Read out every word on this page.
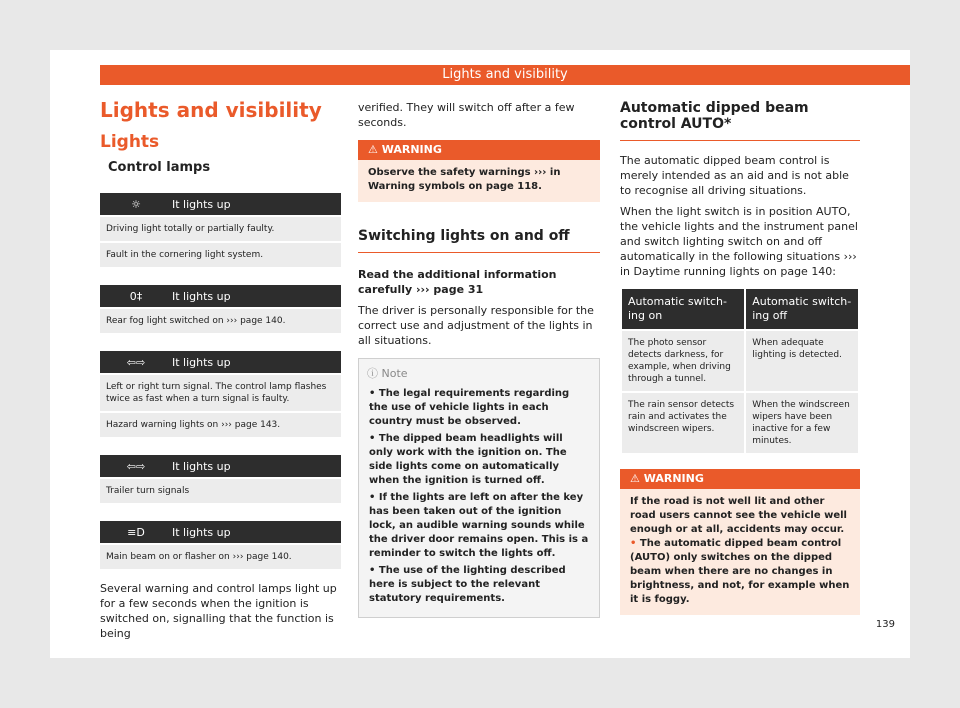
Lights and visibility
Lights and visibility
Lights
Control lamps
☼	It lights up
Driving light totally or partially faulty.
Fault in the cornering light system.
0‡	It lights up
Rear fog light switched on ››› page 140.
⇦⇨	It lights up
Left or right turn signal. The control lamp flashes twice as fast when a turn signal is faulty.
Hazard warning lights on ››› page 143.
⇦⇨	It lights up
Trailer turn signals
≡D	It lights up
Main beam on or flasher on ››› page 140.

Several warning and control lamps light up for a few seconds when the ignition is switched on, signalling that the function is being

verified. They will switch off after a few seconds.

⚠ WARNING
Observe the safety warnings ››› in Warning symbols on page 118.
Switching lights on and off

Read the additional information carefully ››› page 31

The driver is personally responsible for the correct use and adjustment of the lights in all situations.

ⓘ Note

• The legal requirements regarding the use of vehicle lights in each country must be observed.

• The dipped beam headlights will only work with the ignition on. The side lights come on automatically when the ignition is turned off.

• If the lights are left on after the key has been taken out of the ignition lock, an audible warning sounds while the driver door remains open. This is a reminder to switch the lights off.

• The use of the lighting described here is subject to the relevant statutory requirements.

Automatic dipped beam control AUTO*

The automatic dipped beam control is merely intended as an aid and is not able to recognise all driving situations.

When the light switch is in position AUTO, the vehicle lights and the instrument panel and switch lighting switch on and off automatically in the following situations ››› in Daytime running lights on page 140:

Automatic switch-ing on	Automatic switch-ing off
The photo sensor detects darkness, for example, when driving through a tunnel.	When adequate lighting is detected.
The rain sensor detects rain and activates the windscreen wipers.	When the windscreen wipers have been inactive for a few minutes.
⚠ WARNING

If the road is not well lit and other road users cannot see the vehicle well enough or at all, accidents may occur.

• The automatic dipped beam control (AUTO) only switches on the dipped beam when there are no changes in brightness, and not, for example when it is foggy.

139
